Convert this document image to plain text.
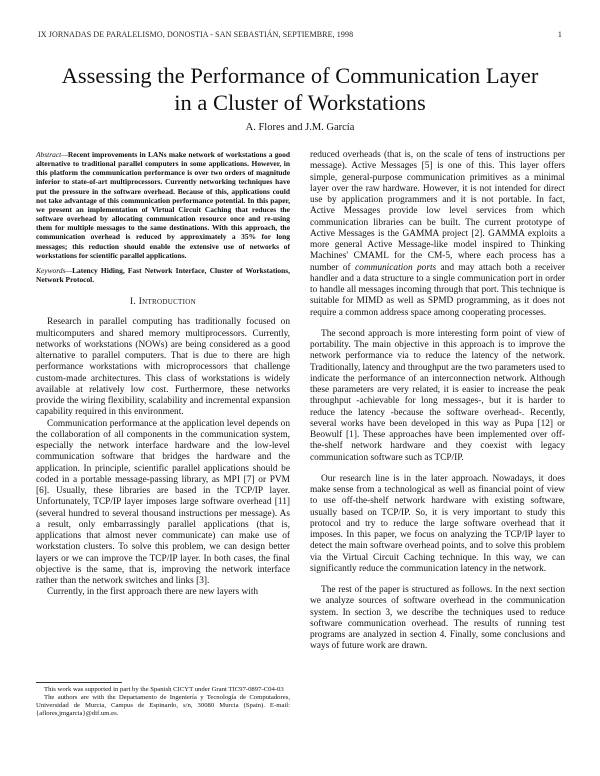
IX JORNADAS DE PARALELISMO, DONOSTIA - SAN SEBASTIÁN, SEPTIEMBRE, 1998	1
Assessing the Performance of Communication Layer
in a Cluster of Workstations
A. Flores and J.M. García
Abstract—Recent improvements in LANs make network of workstations a good alternative to traditional parallel computers in some applications. However, in this platform the communication performance is over two orders of magnitude inferior to state-of-art multiprocessors. Currently networking techniques have put the pressure in the software overhead. Because of this, applications could not take advantage of this communication performance potential. In this paper, we present an implementation of Virtual Circuit Caching that reduces the software overhead by allocating communication resource once and re-using them for multiple messages to the same destinations. With this approach, the communication overhead is reduced by approximately a 35% for long messages; this reduction should enable the extensive use of networks of workstations for scientific parallel applications.
Keywords—Latency Hiding, Fast Network Interface, Cluster of Workstations, Network Protocol.
I. Introduction

Research in parallel computing has traditionally focused on multicomputers and shared memory multiprocessors. Currently, networks of workstations (NOWs) are being considered as a good alternative to parallel computers. That is due to there are high performance workstations with microprocessors that challenge custom-made architectures. This class of workstations is widely available at relatively low cost. Furthermore, these networks provide the wiring flexibility, scalability and incremental expansion capability required in this environment.

Communication performance at the application level depends on the collaboration of all components in the communication system, especially the network interface hardware and the low-level communication software that bridges the hardware and the application. In principle, scientific parallel applications should be coded in a portable message-passing library, as MPI [7] or PVM [6]. Usually, these libraries are based in the TCP/IP layer. Unfortunately, TCP/IP layer imposes large software overhead [11](several hundred to several thousand instructions per message). As a result, only embarrassingly parallel applications (that is, applications that almost never communicate) can make use of workstation clusters. To solve this problem, we can design better layers or we can improve the TCP/IP layer. In both cases, the final objective is the same, that is, improving the network interface rather than the network switches and links [3].

Currently, in the first approach there are new layers with

This work was supported in part by the Spanish CICYT under Grant TIC97-0897-C04-03

The authors are with the Departamento de Ingeniería y Tecnología de Computadores, Universidad de Murcia, Campus de Espinardo, s/n, 30080 Murcia (Spain). E-mail: {aflores,jmgarcia}@dif.um.es.

reduced overheads (that is, on the scale of tens of instructions per message). Active Messages [5] is one of this. This layer offers simple, general-purpose communication primitives as a minimal layer over the raw hardware. However, it is not intended for direct use by application programmers and it is not portable. In fact, Active Messages provide low level services from which communication libraries can be built. The current prototype of Active Messages is the GAMMA project [2]. GAMMA exploits a more general Active Message-like model inspired to Thinking Machines' CMAML for the CM-5, where each process has a number of communication ports and may attach both a receiver handler and a data structure to a single communication port in order to handle all messages incoming through that port. This technique is suitable for MIMD as well as SPMD programming, as it does not require a common address space among cooperating processes.

The second approach is more interesting form point of view of portability. The main objective in this approach is to improve the network performance via to reduce the latency of the network. Traditionally, latency and throughput are the two parameters used to indicate the performance of an interconnection network. Although these parameters are very related, it is easier to increase the peak throughput -achievable for long messages-, but it is harder to reduce the latency -because the software overhead-. Recently, several works have been developed in this way as Pupa [12] or Beowulf [1]. These approaches have been implemented over off-the-shelf network hardware and they coexist with legacy communication software such as TCP/IP.

Our research line is in the later approach. Nowadays, it does make sense from a technological as well as financial point of view to use off-the-shelf network hardware with existing software, usually based on TCP/IP. So, it is very important to study this protocol and try to reduce the large software overhead that it imposes. In this paper, we focus on analyzing the TCP/IP layer to detect the main software overhead points, and to solve this problem via the Virtual Circuit Caching technique. In this way, we can significantly reduce the communication latency in the network.

The rest of the paper is structured as follows. In the next section we analyze sources of software overhead in the communication system. In section 3, we describe the techniques used to reduce software communication overhead. The results of running test programs are analyzed in section 4. Finally, some conclusions and ways of future work are drawn.
